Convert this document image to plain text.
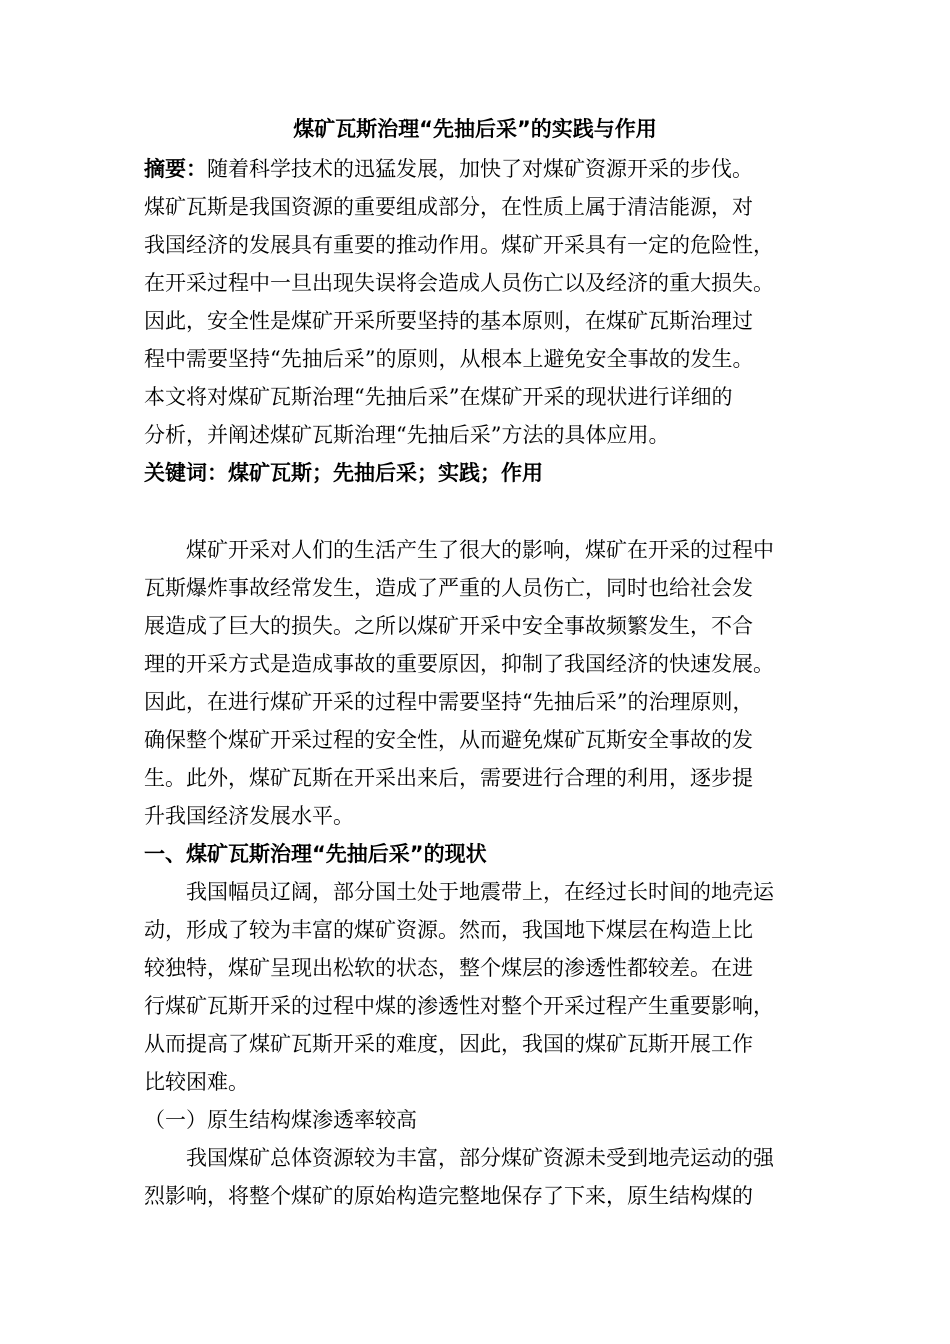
煤矿瓦斯治理“先抽后采”的实践与作用
摘要：随着科学技术的迅猛发展，加快了对煤矿资源开采的步伐。
煤矿瓦斯是我国资源的重要组成部分，在性质上属于清洁能源，对
我国经济的发展具有重要的推动作用。煤矿开采具有一定的危险性，
在开采过程中一旦出现失误将会造成人员伤亡以及经济的重大损失。
因此，安全性是煤矿开采所要坚持的基本原则，在煤矿瓦斯治理过
程中需要坚持“先抽后采”的原则，从根本上避免安全事故的发生。
本文将对煤矿瓦斯治理“先抽后采”在煤矿开采的现状进行详细的
分析，并阐述煤矿瓦斯治理“先抽后采”方法的具体应用。
关键词：煤矿瓦斯；先抽后采；实践；作用
煤矿开采对人们的生活产生了很大的影响，煤矿在开采的过程中
瓦斯爆炸事故经常发生，造成了严重的人员伤亡，同时也给社会发
展造成了巨大的损失。之所以煤矿开采中安全事故频繁发生，不合
理的开采方式是造成事故的重要原因，抑制了我国经济的快速发展。
因此，在进行煤矿开采的过程中需要坚持“先抽后采”的治理原则，
确保整个煤矿开采过程的安全性，从而避免煤矿瓦斯安全事故的发
生。此外，煤矿瓦斯在开采出来后，需要进行合理的利用，逐步提
升我国经济发展水平。
一、煤矿瓦斯治理“先抽后采”的现状
我国幅员辽阔，部分国土处于地震带上，在经过长时间的地壳运
动，形成了较为丰富的煤矿资源。然而，我国地下煤层在构造上比
较独特，煤矿呈现出松软的状态，整个煤层的渗透性都较差。在进
行煤矿瓦斯开采的过程中煤的渗透性对整个开采过程产生重要影响，
从而提高了煤矿瓦斯开采的难度，因此，我国的煤矿瓦斯开展工作
比较困难。
（一）原生结构煤渗透率较高
我国煤矿总体资源较为丰富，部分煤矿资源未受到地壳运动的强
烈影响，将整个煤矿的原始构造完整地保存了下来，原生结构煤的
